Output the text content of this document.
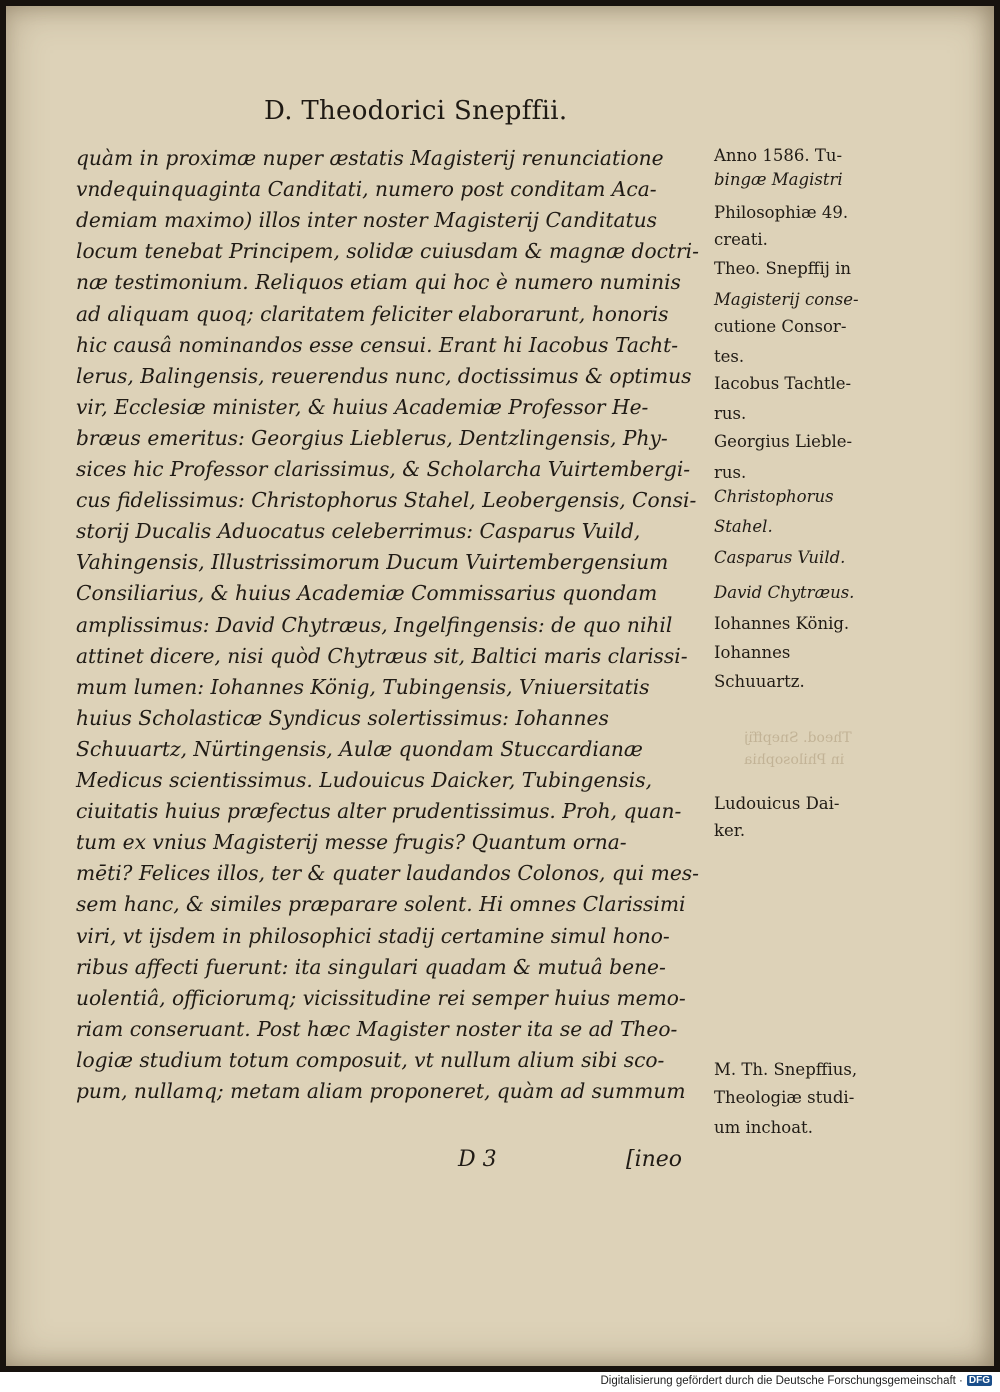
D. Theodorici Snepffii.
quàm in proximæ nuper æstatis Magisterij renunciatione
vndequinquaginta Canditati, numero post conditam Aca-
demiam maximo) illos inter noster Magisterij Canditatus
locum tenebat Principem, solidæ cuiusdam & magnæ doctri-
næ testimonium. Reliquos etiam qui hoc è numero numinis
ad aliquam quoq; claritatem feliciter elaborarunt, honoris
hic causâ nominandos esse censui. Erant hi Iacobus Tacht-
lerus, Balingensis, reuerendus nunc, doctissimus & optimus
vir, Ecclesiæ minister, & huius Academiæ Professor He-
bræus emeritus: Georgius Lieblerus, Dentzlingensis, Phy-
sices hic Professor clarissimus, & Scholarcha Vuirtembergi-
cus fidelissimus: Christophorus Stahel, Leobergensis, Consi-
storij Ducalis Aduocatus celeberrimus: Casparus Vuild,
Vahingensis, Illustrissimorum Ducum Vuirtembergensium
Consiliarius, & huius Academiæ Commissarius quondam
amplissimus: David Chytræus, Ingelfingensis: de quo nihil
attinet dicere, nisi quòd Chytræus sit, Baltici maris clarissi-
mum lumen: Iohannes König, Tubingensis, Vniuersitatis
huius Scholasticæ Syndicus solertissimus: Iohannes
Schuuartz, Nürtingensis, Aulæ quondam Stuccardianæ
Medicus scientissimus. Ludouicus Daicker, Tubingensis,
ciuitatis huius præfectus alter prudentissimus. Proh, quan-
tum ex vnius Magisterij messe frugis? Quantum orna-
mēti? Felices illos, ter & quater laudandos Colonos, qui mes-
sem hanc, & similes præparare solent. Hi omnes Clarissimi
viri, vt ijsdem in philosophici stadij certamine simul hono-
ribus affecti fuerunt: ita singulari quadam & mutuâ bene-
uolentiâ, officiorumq; vicissitudine rei semper huius memo-
riam conseruant. Post hæc Magister noster ita se ad Theo-
logiæ studium totum composuit, vt nullum alium sibi sco-
pum, nullamq; metam aliam proponeret, quàm ad summum
Anno 1586. Tu-
bingæ Magistri
Philosophiæ 49.
creati.
Theo. Snepffij in
Magisterij conse-
cutione Consor-
tes.
Iacobus Tachtle-
rus.
Georgius Lieble-
rus.
Christophorus
Stahel.
Casparus Vuild.
David Chytræus.
Iohannes König.
Iohannes
Schuuartz.
Ludouicus Dai-
ker.
M. Th. Snepffius,
Theologiæ studi-
um inchoat.
Theod. Snepffij
in Philosophia
D 3	[ineo
Digitalisierung gefördert durch die Deutsche Forschungsgemeinschaft · DFG
